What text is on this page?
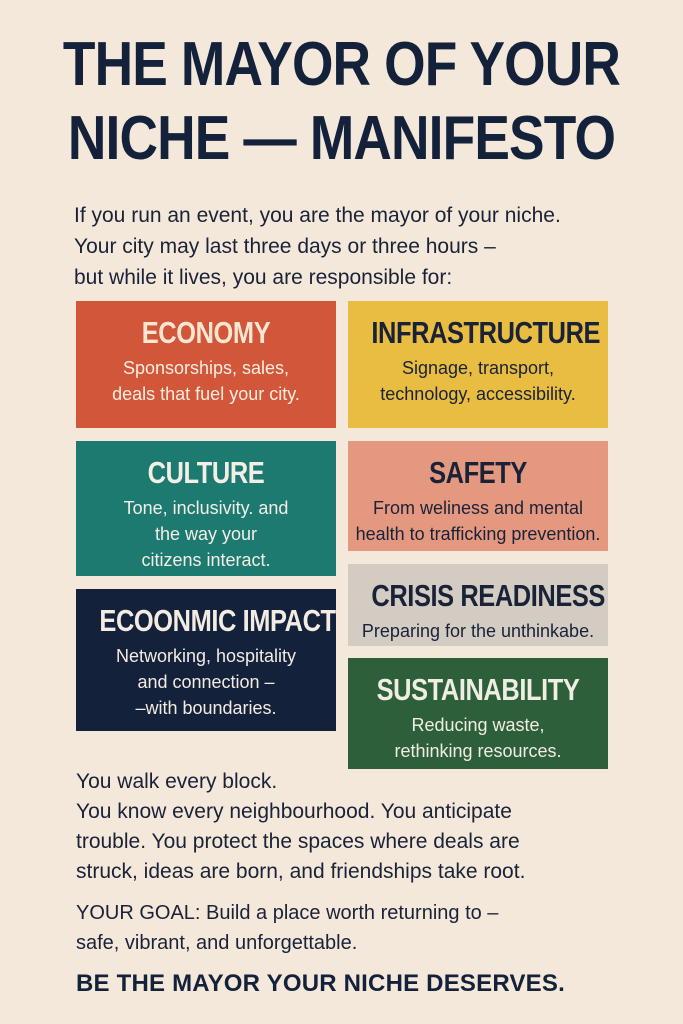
THE MAYOR OF YOUR
NICHE — MANIFESTO
If you run an event, you are the mayor of your niche.
Your city may last three days or three hours –
but while it lives, you are responsible for:
ECONOMY
Sponsorships, sales,
deals that fuel your city.
INFRASTRUCTURE
Signage, transport,
technology, accessibility.
CULTURE
Tone, inclusivity. and
the way your
citizens interact.
SAFETY
From weliness and mental
health to trafficking prevention.
CRISIS READINESS
Preparing for the unthinkabe.
ECOONMIC IMPACT
Networking, hospitality
and connection –
–with boundaries.
SUSTAINABILITY
Reducing waste,
rethinking resources.
You walk every block.
You know every neighbourhood. You anticipate
trouble. You protect the spaces where deals are
struck, ideas are born, and friendships take root.
YOUR GOAL: Build a place worth returning to –
safe, vibrant, and unforgettable.
BE THE MAYOR YOUR NICHE DESERVES.
